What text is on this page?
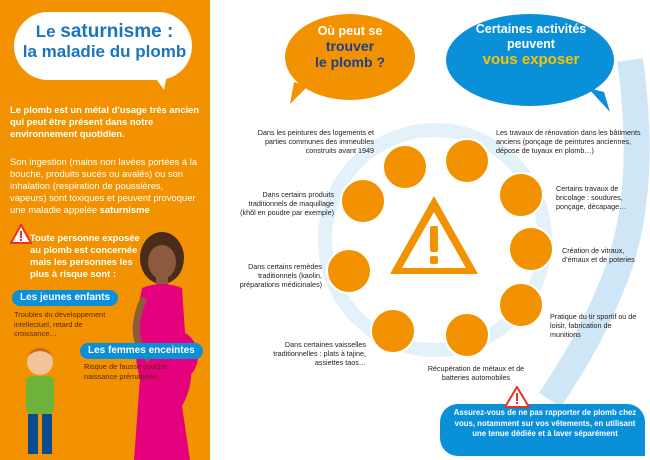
Le saturnisme :
la maladie du plomb
Le plomb est un métal d’usage très ancien qui peut être présent dans notre environnement quotidien.
Son ingestion (mains non lavées portées à la bouche, produits sucés ou avalés) ou son inhalation (respiration de poussières, vapeurs) sont toxiques et peuvent provoquer une maladie appelée saturnisme
Toute personne exposée au plomb est concernée mais les personnes les plus à risque sont :
Les jeunes enfants
Troubles du développement intellectuel, retard de croissance…
Les femmes enceintes
Risque de fausse couche, naissance prématurée…
Où peut se
trouver
le plomb ?
Certaines activités
peuvent
vous exposer
Dans les peintures des logements et parties communes des immeubles construits avant 1949
Dans certains produits traditionnels de maquillage (khôl en poudre par exemple)
Dans certains remèdes traditionnels (kaolin, préparations médicinales)
Dans certaines vaisselles traditionnelles : plats à tajine, assiettes taos…
Les travaux de rénovation dans les bâtiments anciens (ponçage de peintures anciennes, dépose de tuyaux en plomb…)
Certains travaux de bricolage : soudures, ponçage, décapage…
Création de vitraux, d’émaux et de poteries
Pratique du tir sportif ou de loisir, fabrication de munitions
Récupération de métaux et de batteries automobiles
Assurez-vous de ne pas rapporter de plomb chez vous, notamment sur vos vêtements, en utilisant une tenue dédiée et à laver séparément
